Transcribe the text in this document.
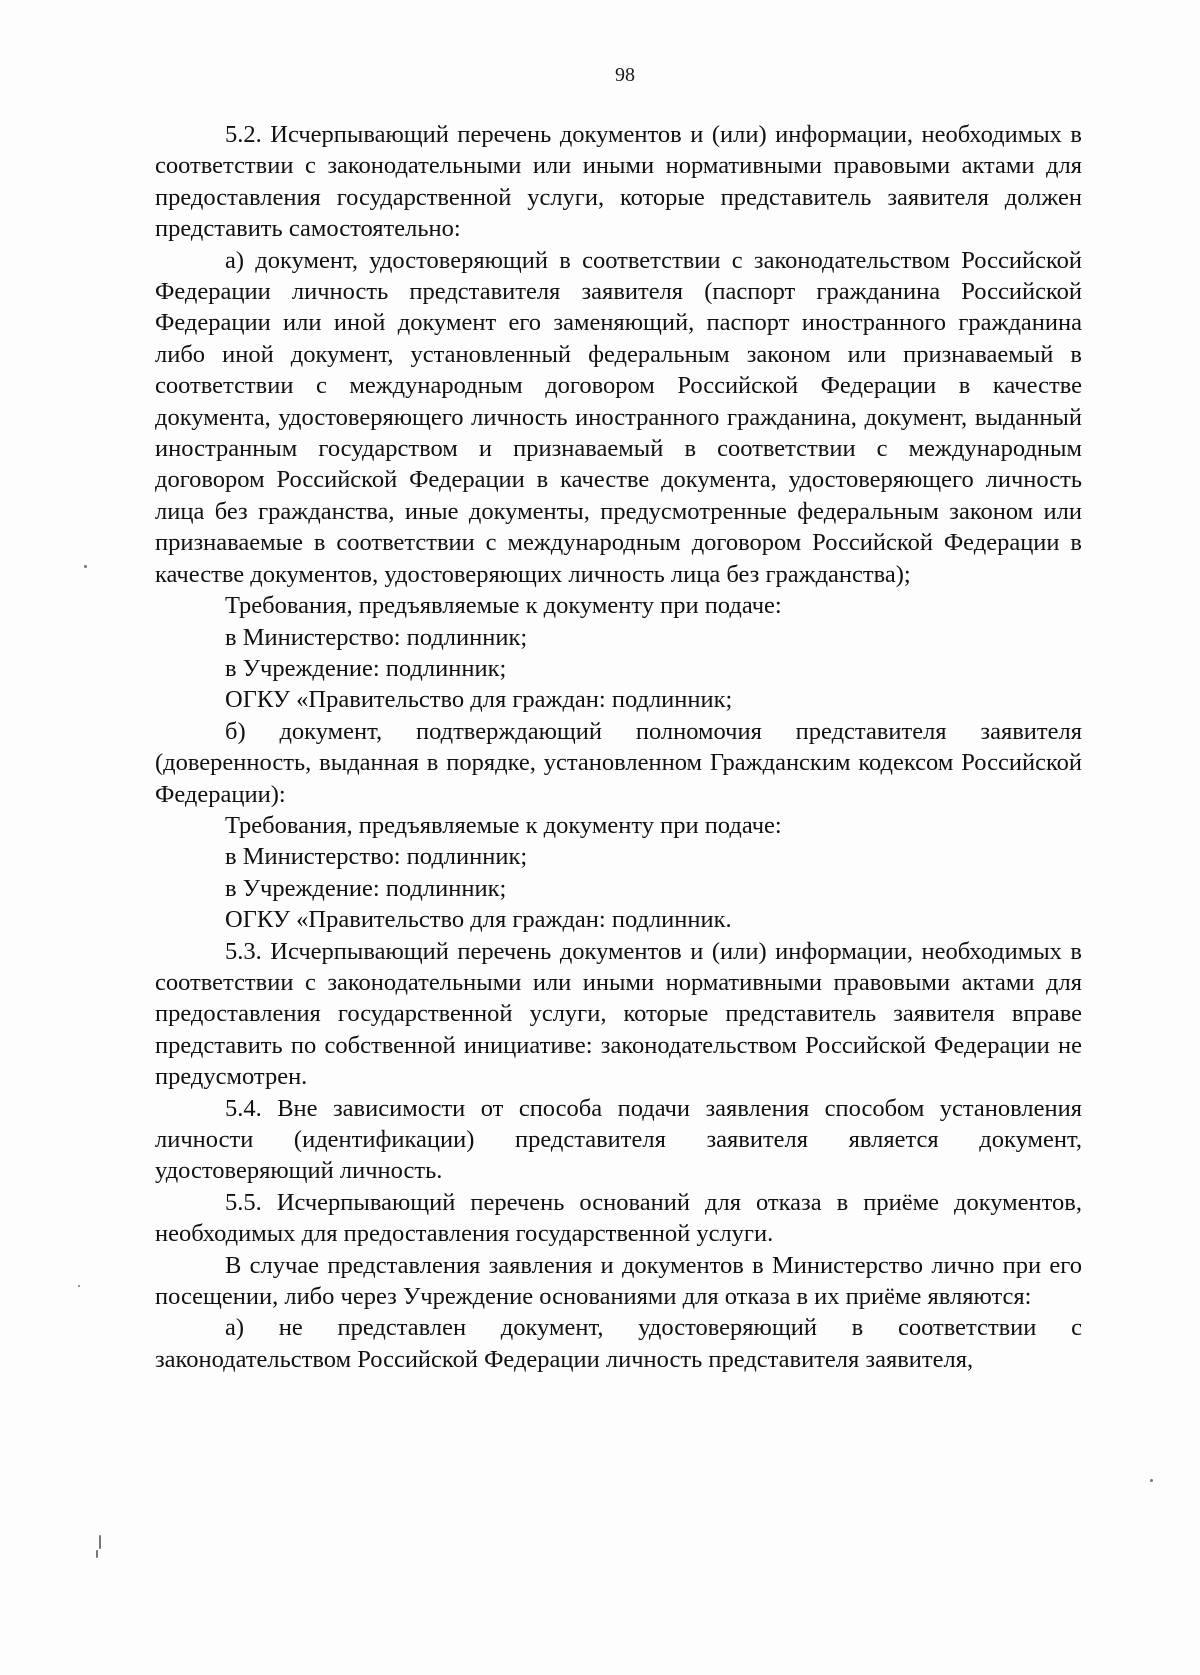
98

5.2. Исчерпывающий перечень документов и (или) информации, необходимых в соответствии с законодательными или иными нормативными правовыми актами для предоставления государственной услуги, которые представитель заявителя должен представить самостоятельно:

а) документ, удостоверяющий в соответствии с законодательством Российской Федерации личность представителя заявителя (паспорт гражданина Российской Федерации или иной документ его заменяющий, паспорт иностранного гражданина либо иной документ, установленный федеральным законом или признаваемый в соответствии с международным договором Российской Федерации в качестве документа, удостоверяющего личность иностранного гражданина, документ, выданный иностранным государством и признаваемый в соответствии с международным договором Российской Федерации в качестве документа, удостоверяющего личность лица без гражданства, иные документы, предусмотренные федеральным законом или признаваемые в соответствии с международным договором Российской Федерации в качестве документов, удостоверяющих личность лица без гражданства);

Требования, предъявляемые к документу при подаче:

в Министерство: подлинник;

в Учреждение: подлинник;

ОГКУ «Правительство для граждан: подлинник;

б) документ, подтверждающий полномочия представителя заявителя (доверенность, выданная в порядке, установленном Гражданским кодексом Российской Федерации):

Требования, предъявляемые к документу при подаче:

в Министерство: подлинник;

в Учреждение: подлинник;

ОГКУ «Правительство для граждан: подлинник.

5.3. Исчерпывающий перечень документов и (или) информации, необходимых в соответствии с законодательными или иными нормативными правовыми актами для предоставления государственной услуги, которые представитель заявителя вправе представить по собственной инициативе: законодательством Российской Федерации не предусмотрен.

5.4. Вне зависимости от способа подачи заявления способом установления личности (идентификации) представителя заявителя является документ, удостоверяющий личность.

5.5. Исчерпывающий перечень оснований для отказа в приёме документов, необходимых для предоставления государственной услуги.

В случае представления заявления и документов в Министерство лично при его посещении, либо через Учреждение основаниями для отказа в их приёме являются:

а) не представлен документ, удостоверяющий в соответствии с законодательством Российской Федерации личность представителя заявителя,
